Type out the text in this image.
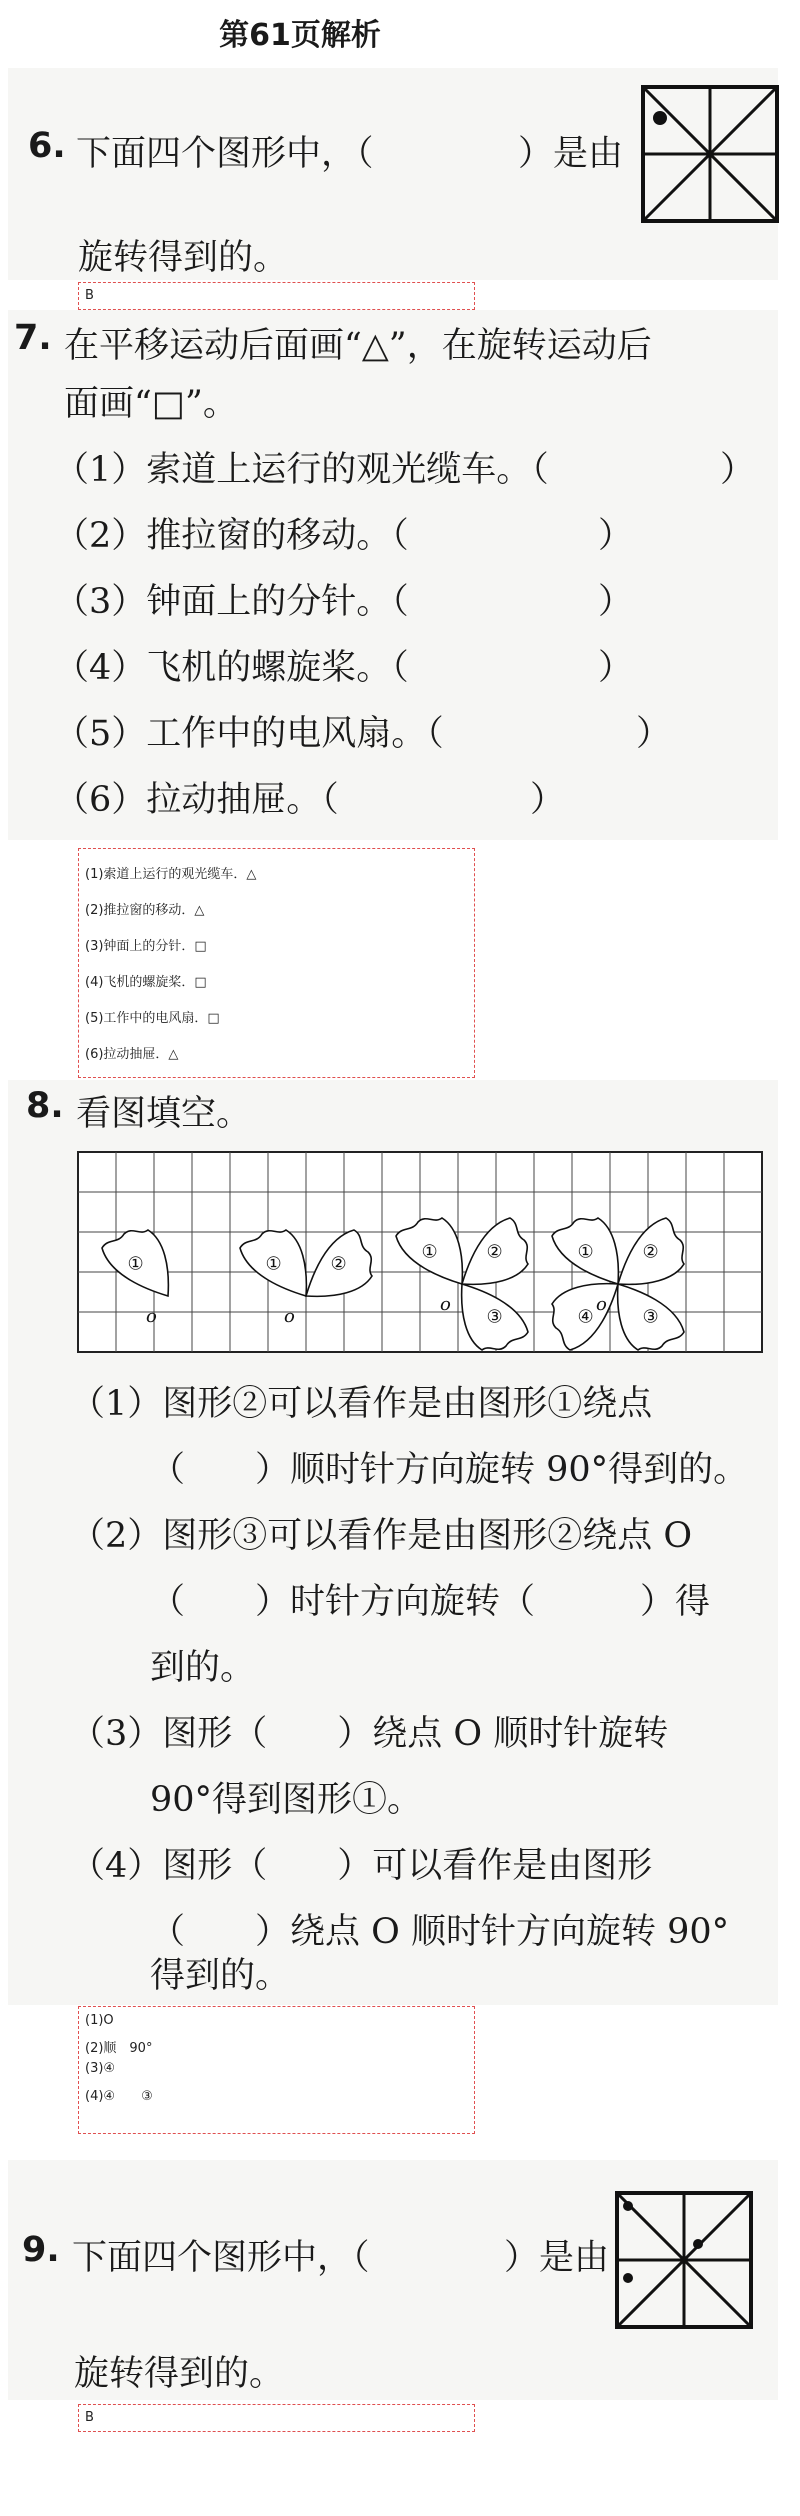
第61页解析
6. 下面四个图形中，（	）是由
旋转得到的。
B
7. 在平移运动后面画“△”，在旋转运动后
面画“□”。
（1）索道上运行的观光缆车。（	）
（2）推拉窗的移动。（	）
（3）钟面上的分针。（	）
（4）飞机的螺旋桨。（	）
（5）工作中的电风扇。（	）
（6）拉动抽屉。（	）
(1)索道上运行的观光缆车．△
(2)推拉窗的移动．△
(3)钟面上的分针．□
(4)飞机的螺旋桨．□
(5)工作中的电风扇．□
(6)拉动抽屉．△
8. 看图填空。
①
o
①	②
o
①	②
③
o
①	②
③
④
o
（1）图形②可以看作是由图形①绕点
（　　）顺时针方向旋转 90°得到的。
（2）图形③可以看作是由图形②绕点 O
（　　）时针方向旋转（　　　）得
到的。
（3）图形（　　）绕点 O 顺时针旋转
90°得到图形①。
（4）图形（　　）可以看作是由图形
（　　）绕点 O 顺时针方向旋转 90°
得到的。
(1)O
(2)顺　90°
(3)④
(4)④　　③
9. 下面四个图形中，（	）是由
旋转得到的。
B
